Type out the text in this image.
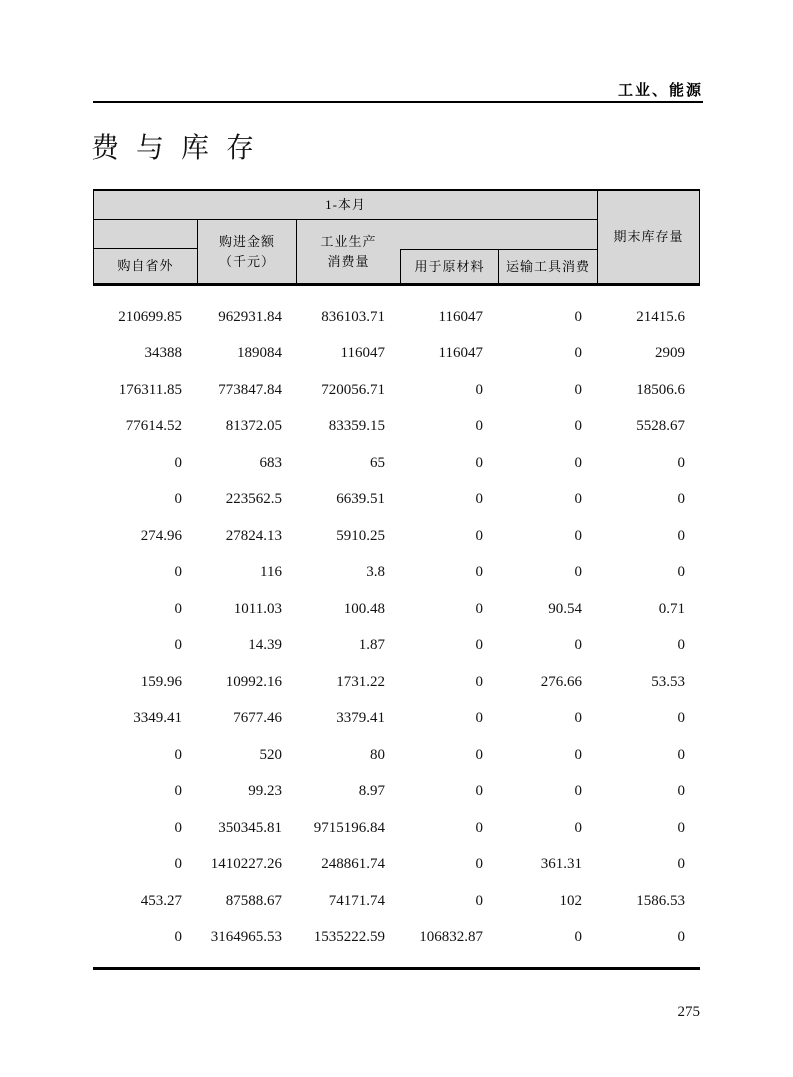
工业、能源
费与库存
1-本月
期末库存量
购自省外
购进金额
（千元）
工业生产
消费量	用于原材料	运输工具消费
210699.85	962931.84	836103.71	116047	0	21415.6
34388	189084	116047	116047	0	2909
176311.85	773847.84	720056.71	0	0	18506.6
77614.52	81372.05	83359.15	0	0	5528.67
0	683	65	0	0	0
0	223562.5	6639.51	0	0	0
274.96	27824.13	5910.25	0	0	0
0	116	3.8	0	0	0
0	1011.03	100.48	0	90.54	0.71
0	14.39	1.87	0	0	0
159.96	10992.16	1731.22	0	276.66	53.53
3349.41	7677.46	3379.41	0	0	0
0	520	80	0	0	0
0	99.23	8.97	0	0	0
0	350345.81	9715196.84	0	0	0
0	1410227.26	248861.74	0	361.31	0
453.27	87588.67	74171.74	0	102	1586.53
0	3164965.53	1535222.59	106832.87	0	0
275
